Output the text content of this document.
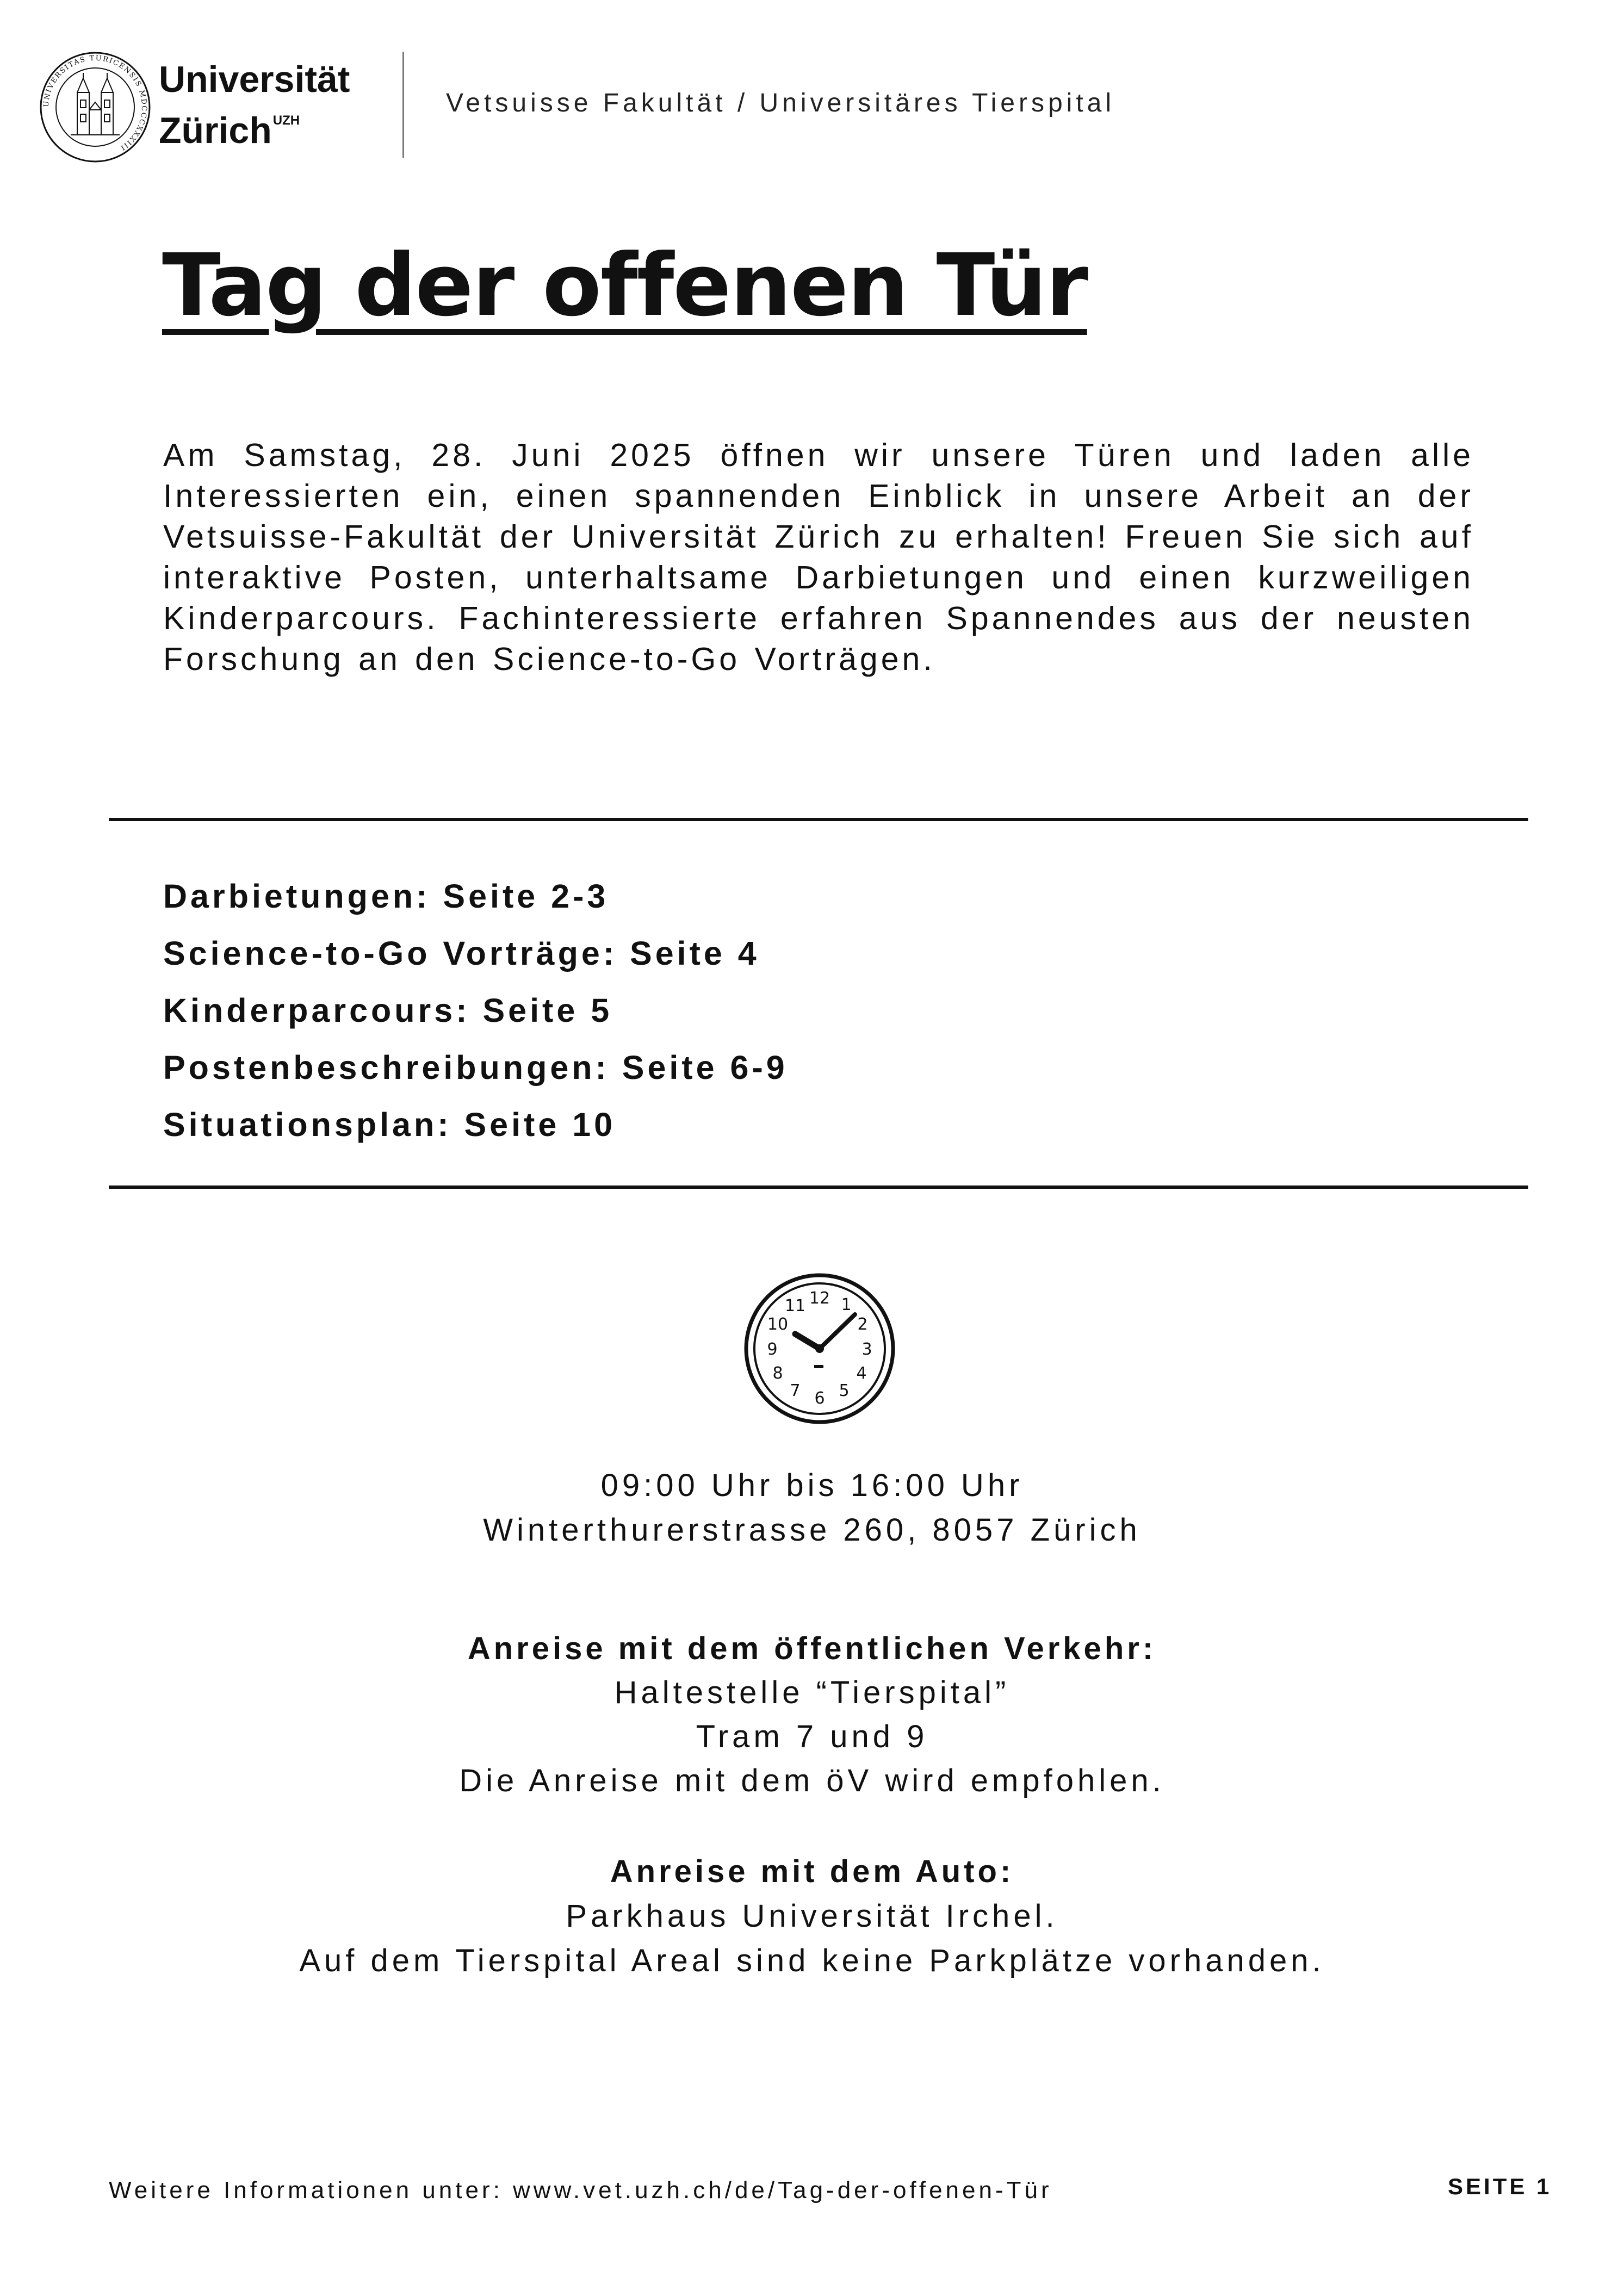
UNIVERSITAS TURICENSIS MDCCCXXXIII
Universität
Zürich$^{UZH}$
Vetsuisse Fakultät / Universitäres Tierspital
Tag der offenen Tür
Am Samstag, 28. Juni 2025 öffnen wir unsere Türen und laden alle Interessierten ein, einen spannenden Einblick in unsere Arbeit an der Vetsuisse-Fakultät der Universität Zürich zu erhalten! Freuen Sie sich auf interaktive Posten, unterhaltsame Darbietungen und einen kurzweiligen Kinderparcours. Fachinteressierte erfahren Spannendes aus der neusten Forschung an den Science-to-Go Vorträgen.
Darbietungen: Seite 2-3
Science-to-Go Vorträge: Seite 4
Kinderparcours: Seite 5
Postenbeschreibungen: Seite 6-9
Situationsplan: Seite 10
12 1
2
3
4
5
6
7
8
9
10
11
09:00 Uhr bis 16:00 Uhr
Winterthurerstrasse 260, 8057 Zürich
Anreise mit dem öffentlichen Verkehr:
Haltestelle “Tierspital”
Tram 7 und 9
Die Anreise mit dem öV wird empfohlen.
Anreise mit dem Auto:
Parkhaus Universität Irchel.
Auf dem Tierspital Areal sind keine Parkplätze vorhanden.
Weitere Informationen unter: www.vet.uzh.ch/de/Tag-der-offenen-Tür	SEITE 1
